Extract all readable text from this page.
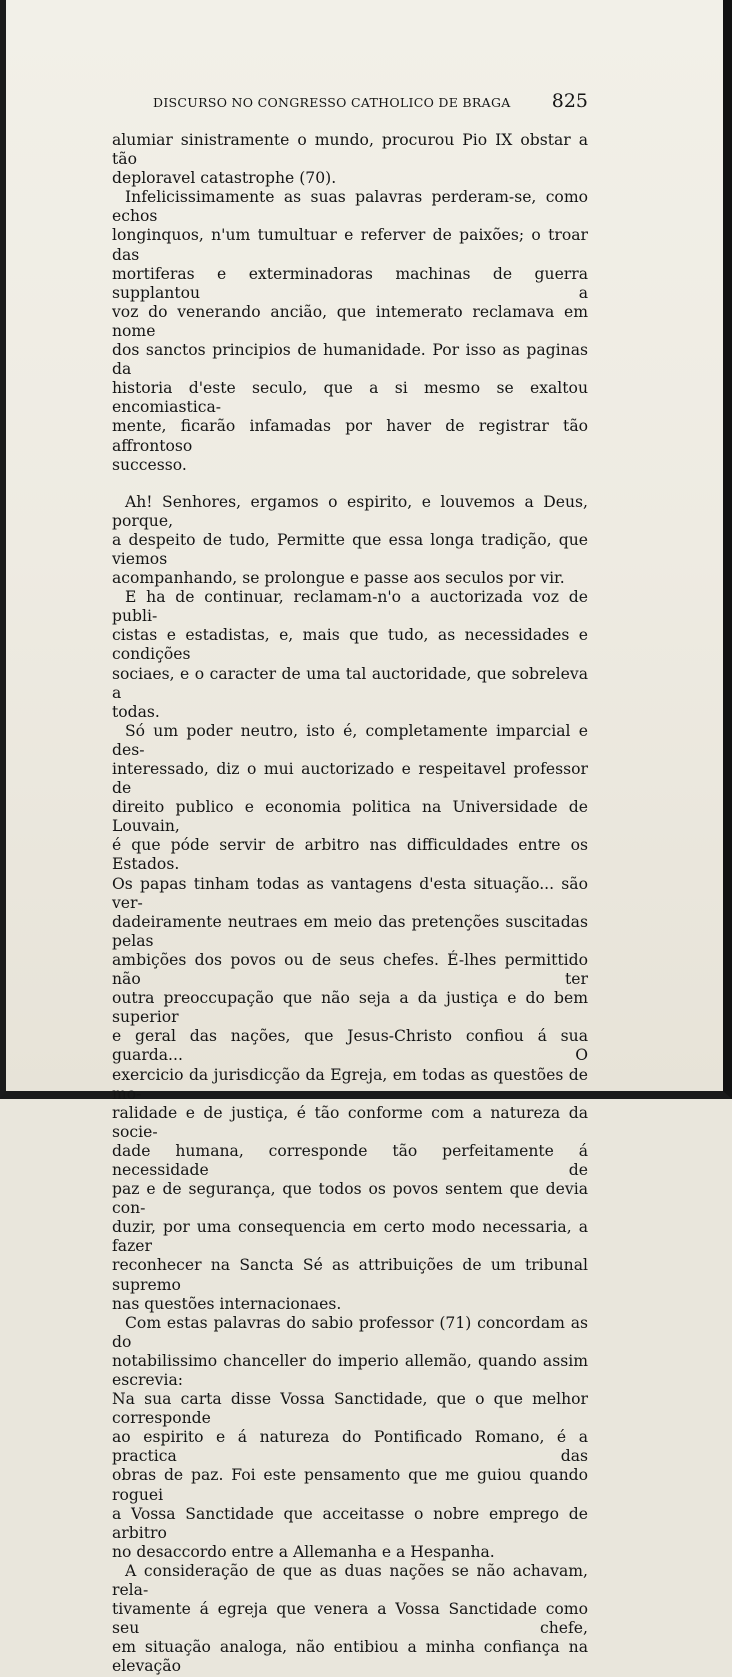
DISCURSO NO CONGRESSO CATHOLICO DE BRAGA 825
alumiar sinistramente o mundo, procurou Pio IX obstar a tão
deploravel catastrophe (70).
Infelicissimamente as suas palavras perderam-se, como echos
longinquos, n'um tumultuar e referver de paixões; o troar das
mortiferas e exterminadoras machinas de guerra supplantou a
voz do venerando ancião, que intemerato reclamava em nome
dos sanctos principios de humanidade. Por isso as paginas da
historia d'este seculo, que a si mesmo se exaltou encomiastica-
mente, ficarão infamadas por haver de registrar tão affrontoso
successo.
Ah! Senhores, ergamos o espirito, e louvemos a Deus, porque,
a despeito de tudo, Permitte que essa longa tradição, que viemos
acompanhando, se prolongue e passe aos seculos por vir.
E ha de continuar, reclamam-n'o a auctorizada voz de publi-
cistas e estadistas, e, mais que tudo, as necessidades e condições
sociaes, e o caracter de uma tal auctoridade, que sobreleva a
todas.
Só um poder neutro, isto é, completamente imparcial e des-
interessado, diz o mui auctorizado e respeitavel professor de
direito publico e economia politica na Universidade de Louvain,
é que póde servir de arbitro nas difficuldades entre os Estados.
Os papas tinham todas as vantagens d'esta situação... são ver-
dadeiramente neutraes em meio das pretenções suscitadas pelas
ambições dos povos ou de seus chefes. É-lhes permittido não ter
outra preoccupação que não seja a da justiça e do bem superior
e geral das nações, que Jesus-Christo confiou á sua guarda... O
exercicio da jurisdicção da Egreja, em todas as questões de mo-
ralidade e de justiça, é tão conforme com a natureza da socie-
dade humana, corresponde tão perfeitamente á necessidade de
paz e de segurança, que todos os povos sentem que devia con-
duzir, por uma consequencia em certo modo necessaria, a fazer
reconhecer na Sancta Sé as attribuições de um tribunal supremo
nas questões internacionaes.
Com estas palavras do sabio professor (71) concordam as do
notabilissimo chanceller do imperio allemão, quando assim escrevia:
Na sua carta disse Vossa Sanctidade, que o que melhor corresponde
ao espirito e á natureza do Pontificado Romano, é a practica das
obras de paz. Foi este pensamento que me guiou quando roguei
a Vossa Sanctidade que acceitasse o nobre emprego de arbitro
no desaccordo entre a Allemanha e a Hespanha.
A consideração de que as duas nações se não achavam, rela-
tivamente á egreja que venera a Vossa Sanctidade como seu chefe,
em situação analoga, não entibiou a minha confiança na elevação
